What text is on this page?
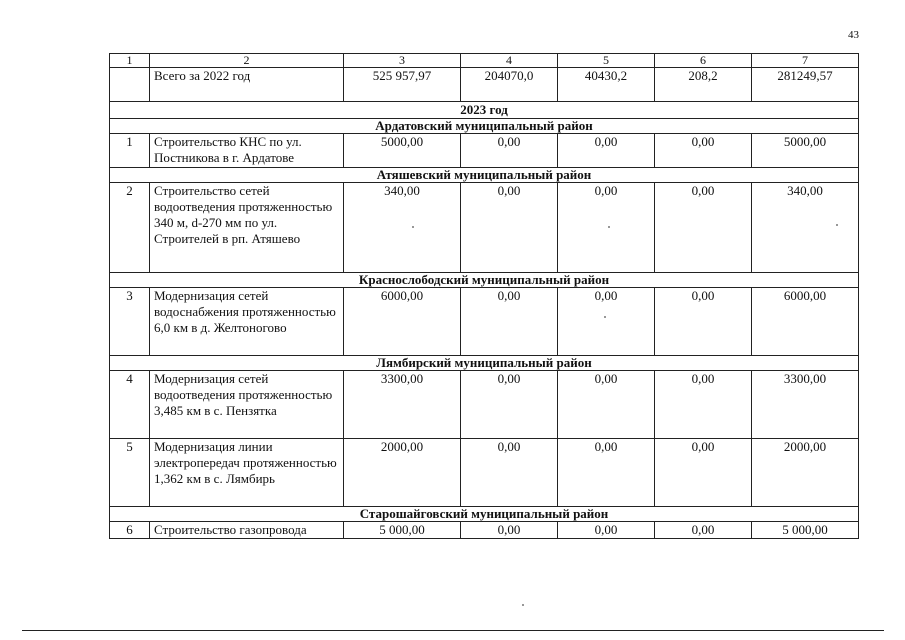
43
1	2	3	4	5	6	7
	Всего за 2022 год	525 957,97	204070,0	40430,2	208,2	281249,57
2023 год						
Ардатовский муниципальный район						
1	Строительство КНС по ул. Постникова в г. Ардатове	5000,00	0,00	0,00	0,00	5000,00
Атяшевский муниципальный район						
2	Строительство сетей водоотведения протяженностью 340 м, d-270 мм по ул. Строителей в рп. Атяшево	340,00	0,00	0,00	0,00	340,00
Краснослободский муниципальный район						
3	Модернизация сетей водоснабжения протяженностью 6,0 км в д. Желтоногово	6000,00	0,00	0,00	0,00	6000,00
Лямбирский муниципальный район						
4	Модернизация сетей водоотведения протяженностью 3,485 км в с. Пензятка	3300,00	0,00	0,00	0,00	3300,00
5	Модернизация линии электропередач протяженностью 1,362 км в с. Лямбирь	2000,00	0,00	0,00	0,00	2000,00
Старошайговский муниципальный район						
6	Строительство газопровода	5 000,00	0,00	0,00	0,00	5 000,00
